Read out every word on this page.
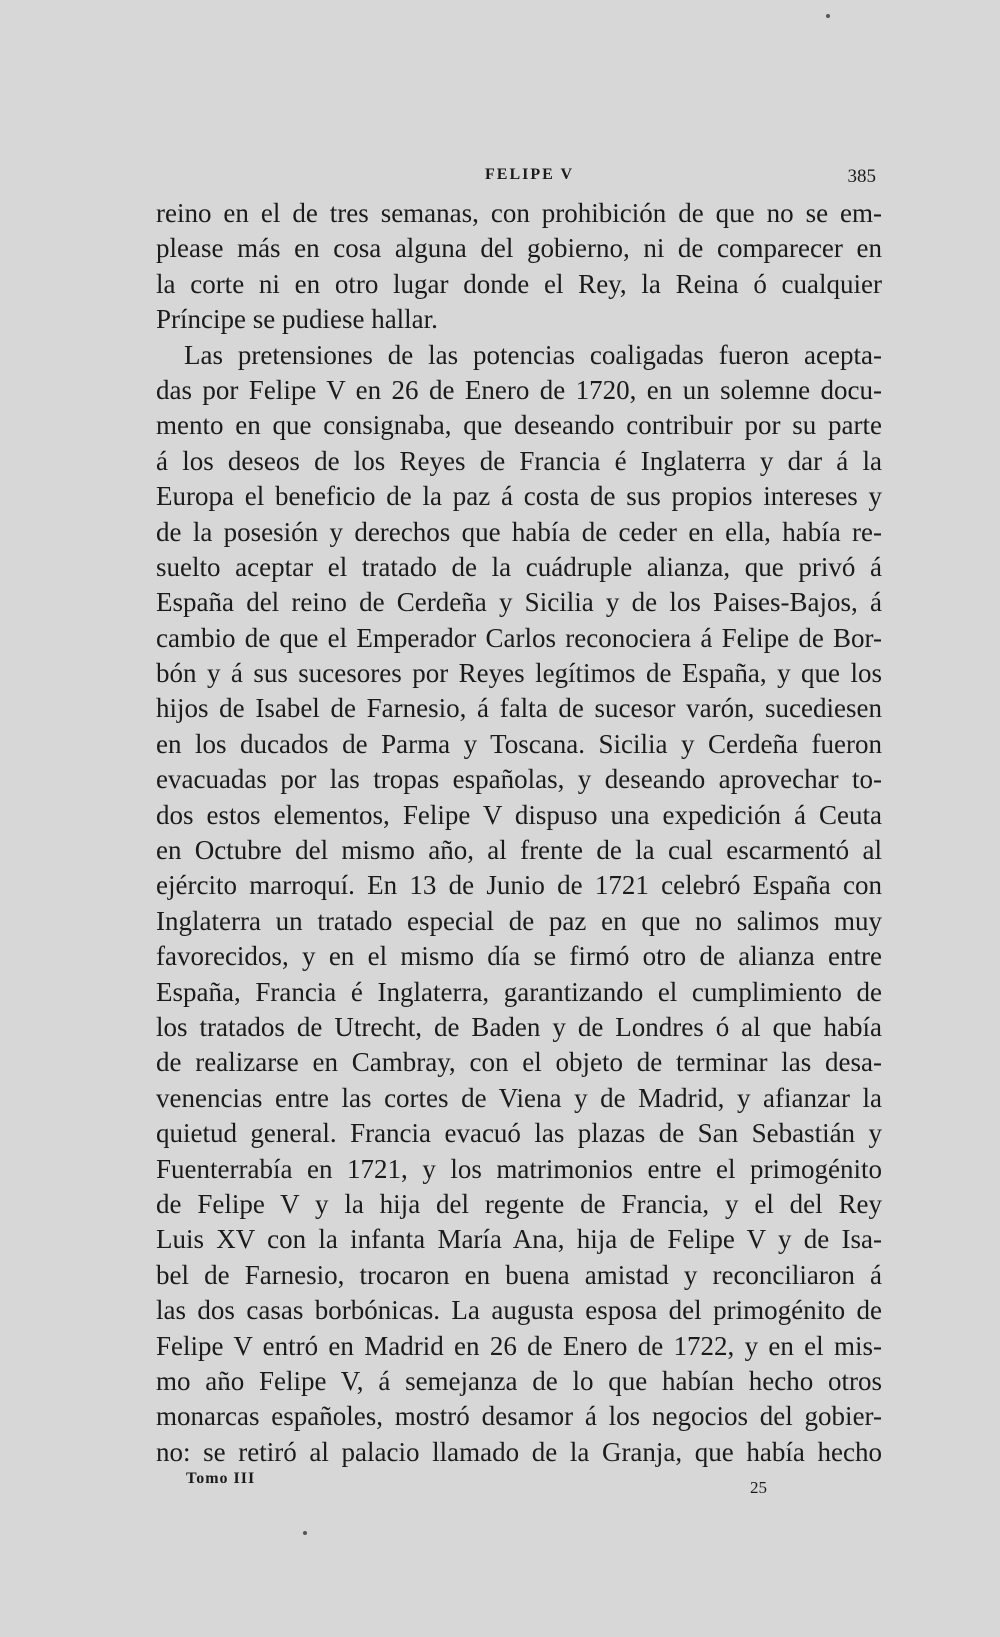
FELIPE V	385
reino en el de tres semanas, con prohibición de que no se em-
please más en cosa alguna del gobierno, ni de comparecer en
la corte ni en otro lugar donde el Rey, la Reina ó cualquier
Príncipe se pudiese hallar.
Las pretensiones de las potencias coaligadas fueron acepta-
das por Felipe V en 26 de Enero de 1720, en un solemne docu-
mento en que consignaba, que deseando contribuir por su parte
á los deseos de los Reyes de Francia é Inglaterra y dar á la
Europa el beneficio de la paz á costa de sus propios intereses y
de la posesión y derechos que había de ceder en ella, había re-
suelto aceptar el tratado de la cuádruple alianza, que privó á
España del reino de Cerdeña y Sicilia y de los Paises-Bajos, á
cambio de que el Emperador Carlos reconociera á Felipe de Bor-
bón y á sus sucesores por Reyes legítimos de España, y que los
hijos de Isabel de Farnesio, á falta de sucesor varón, sucediesen
en los ducados de Parma y Toscana. Sicilia y Cerdeña fueron
evacuadas por las tropas españolas, y deseando aprovechar to-
dos estos elementos, Felipe V dispuso una expedición á Ceuta
en Octubre del mismo año, al frente de la cual escarmentó al
ejército marroquí. En 13 de Junio de 1721 celebró España con
Inglaterra un tratado especial de paz en que no salimos muy
favorecidos, y en el mismo día se firmó otro de alianza entre
España, Francia é Inglaterra, garantizando el cumplimiento de
los tratados de Utrecht, de Baden y de Londres ó al que había
de realizarse en Cambray, con el objeto de terminar las desa-
venencias entre las cortes de Viena y de Madrid, y afianzar la
quietud general. Francia evacuó las plazas de San Sebastián y
Fuenterrabía en 1721, y los matrimonios entre el primogénito
de Felipe V y la hija del regente de Francia, y el del Rey
Luis XV con la infanta María Ana, hija de Felipe V y de Isa-
bel de Farnesio, trocaron en buena amistad y reconciliaron á
las dos casas borbónicas. La augusta esposa del primogénito de
Felipe V entró en Madrid en 26 de Enero de 1722, y en el mis-
mo año Felipe V, á semejanza de lo que habían hecho otros
monarcas españoles, mostró desamor á los negocios del gobier-
no: se retiró al palacio llamado de la Granja, que había hecho
Tomo III	25
